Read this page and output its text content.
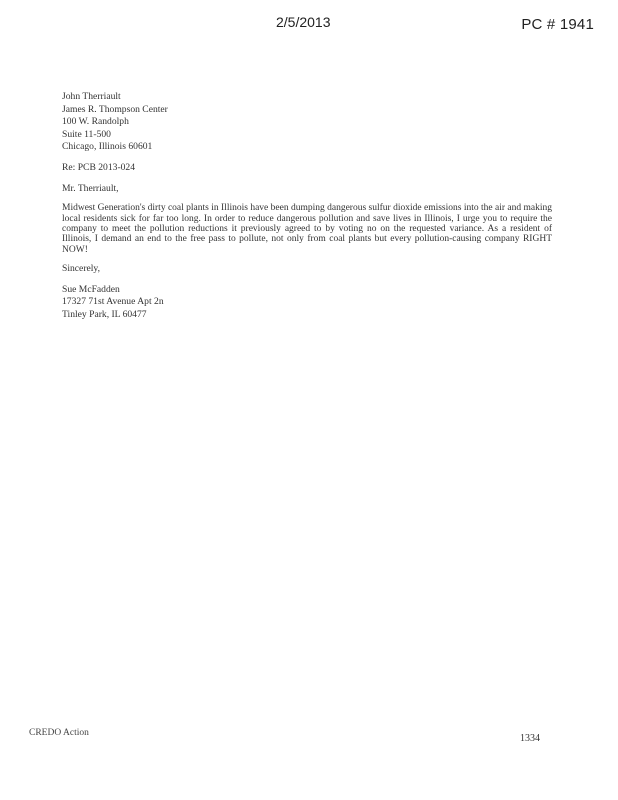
2/5/2013	PC # 1941
John Therriault
James R. Thompson Center
100 W. Randolph
Suite 11-500
Chicago, Illinois 60601
Re: PCB 2013-024
Mr. Therriault,
Midwest Generation's dirty coal plants in Illinois have been dumping dangerous sulfur dioxide emissions into the air and making local residents sick for far too long. In order to reduce dangerous pollution and save lives in Illinois, I urge you to require the company to meet the pollution reductions it previously agreed to by voting no on the requested variance. As a resident of Illinois, I demand an end to the free pass to pollute, not only from coal plants but every pollution-causing company RIGHT NOW!
Sincerely,
Sue McFadden
17327 71st Avenue Apt 2n
Tinley Park, IL 60477
CREDO Action	1334
